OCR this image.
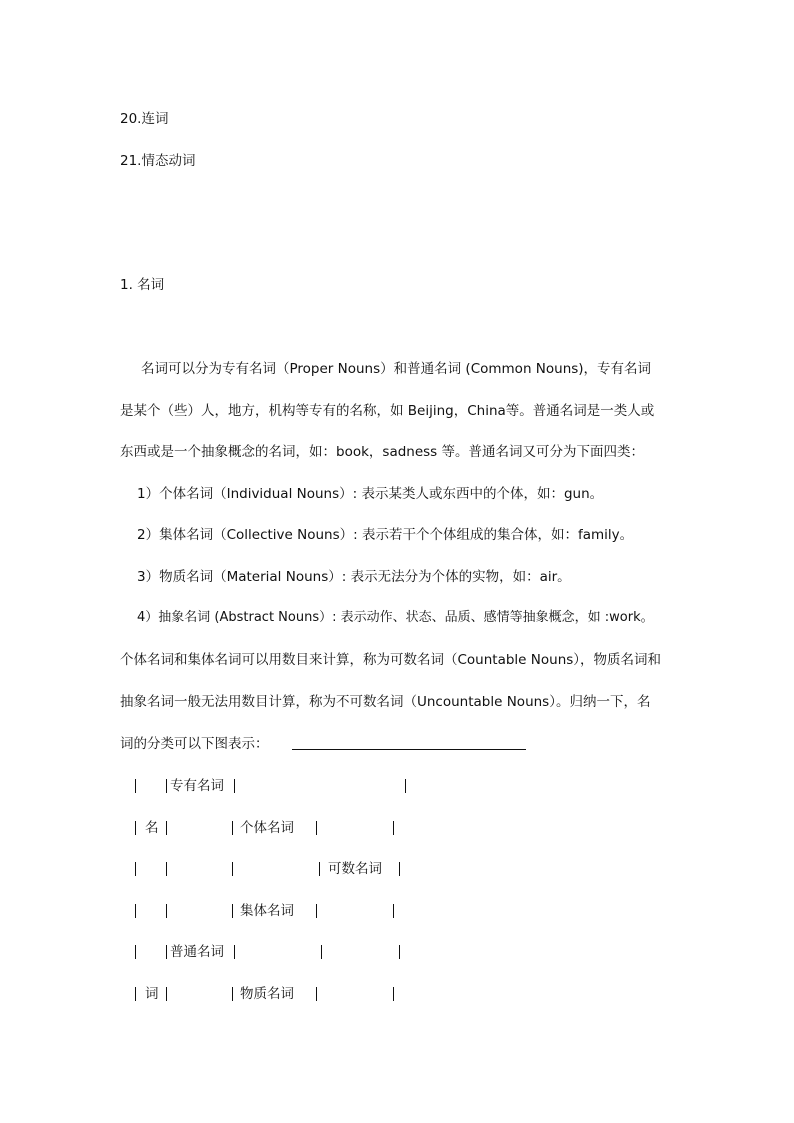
20.连词
21.情态动词
1. 名词
名词可以分为专有名词（Proper Nouns）和普通名词 (Common Nouns)，专有名词
是某个（些）人，地方，机构等专有的名称，如 Beijing，China等。普通名词是一类人或
东西或是一个抽象概念的名词，如：book，sadness 等。普通名词又可分为下面四类：
1）个体名词（Individual Nouns）: 表示某类人或东西中的个体，如：gun。
2）集体名词（Collective Nouns）: 表示若干个个体组成的集合体，如：family。
3）物质名词（Material Nouns）: 表示无法分为个体的实物，如：air。
4）抽象名词 (Abstract Nouns）: 表示动作、状态、品质、感情等抽象概念，如 :work。
个体名词和集体名词可以用数目来计算，称为可数名词（Countable Nouns），物质名词和
抽象名词一般无法用数目计算，称为不可数名词（Uncountable Nouns）。归纳一下，名
词的分类可以下图表示：
专有名词
名	个体名词
可数名词
集体名词
普通名词
词	物质名词
